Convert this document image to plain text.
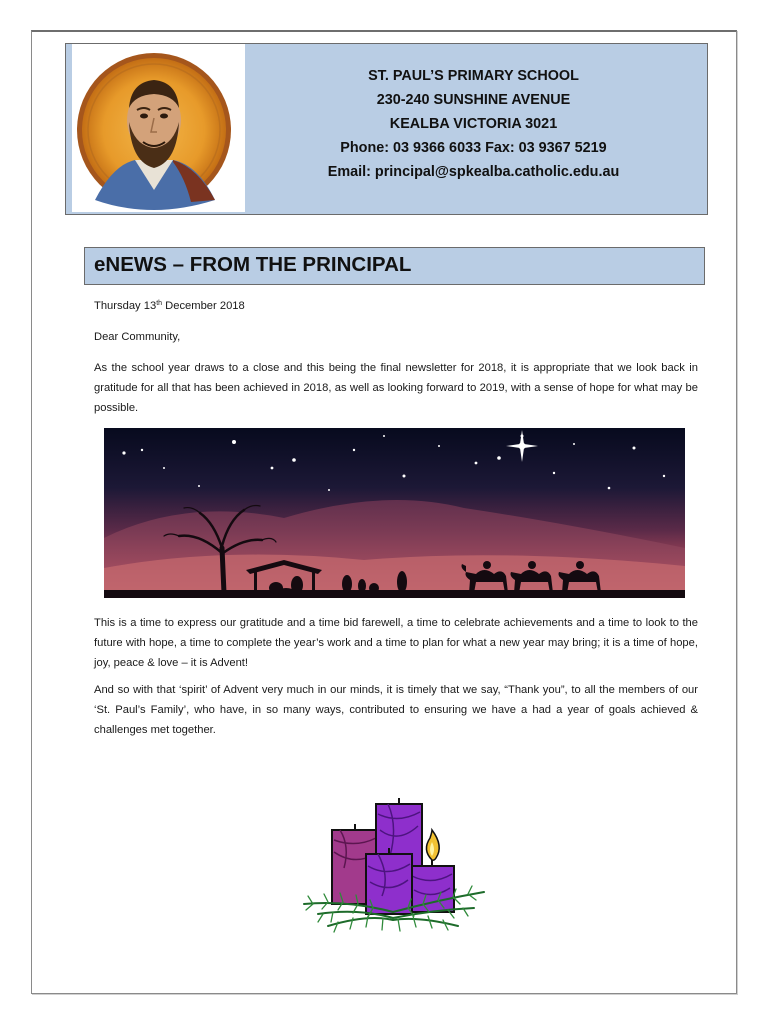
ST. PAUL’S PRIMARY SCHOOL
230-240 SUNSHINE AVENUE
KEALBA VICTORIA 3021
Phone: 03 9366 6033 Fax: 03 9367 5219
Email: principal@spkealba.catholic.edu.au
eNEWS – FROM THE PRINCIPAL
Thursday 13th December 2018
Dear Community,
As the school year draws to a close and this being the final newsletter for 2018, it is appropriate that we look back in gratitude for all that has been achieved in 2018, as well as looking forward to 2019, with a sense of hope for what may be possible.
This is a time to express our gratitude and a time bid farewell, a time to celebrate achievements and a time to look to the future with hope, a time to complete the year’s work and a time to plan for what a new year may bring; it is a time of hope, joy, peace & love – it is Advent!
And so with that ‘spirit’ of Advent very much in our minds, it is timely that we say, “Thank you”, to all the members of our ‘St. Paul’s Family’, who have, in so many ways, contributed to ensuring we have a had a year of goals achieved & challenges met together.
